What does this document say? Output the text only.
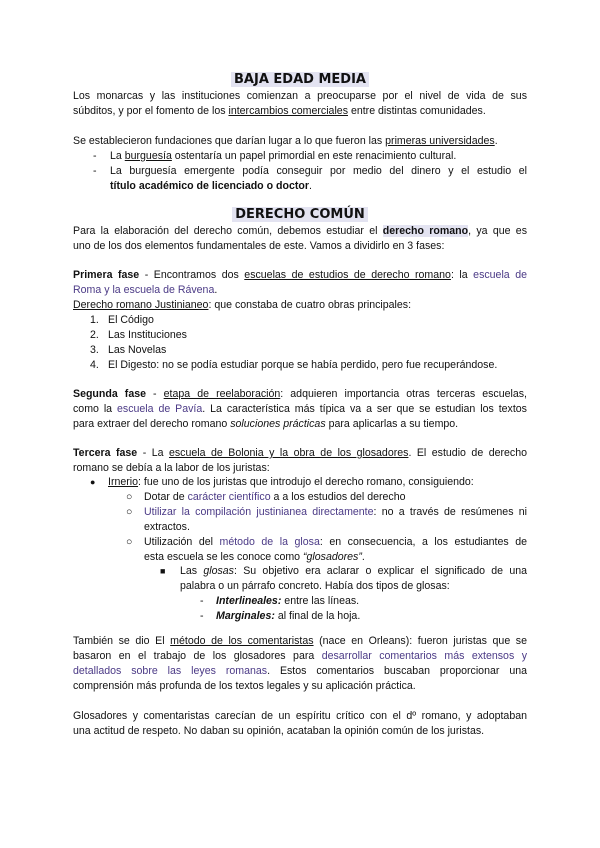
BAJA EDAD MEDIA
Los monarcas y las instituciones comienzan a preocuparse por el nivel de vida de sus
súbditos, y por el fomento de los intercambios comerciales entre distintas comunidades.
Se establecieron fundaciones que darían lugar a lo que fueron las primeras universidades.
- La burguesía ostentaría un papel primordial en este renacimiento cultural.
- La burguesía emergente podía conseguir por medio del dinero y el estudio el
título académico de licenciado o doctor.
DERECHO COMÚN
Para la elaboración del derecho común, debemos estudiar el derecho romano, ya que es
uno de los dos elementos fundamentales de este. Vamos a dividirlo en 3 fases:
Primera fase - Encontramos dos escuelas de estudios de derecho romano: la escuela de
Roma y la escuela de Rávena.
Derecho romano Justinianeo: que constaba de cuatro obras principales:
1. El Código
2. Las Instituciones
3. Las Novelas
4. El Digesto: no se podía estudiar porque se había perdido, pero fue recuperándose.
Segunda fase - etapa de reelaboración: adquieren importancia otras terceras escuelas,
como la escuela de Pavía. La característica más típica va a ser que se estudian los textos
para extraer del derecho romano soluciones prácticas para aplicarlas a su tiempo.
Tercera fase - La escuela de Bolonia y la obra de los glosadores. El estudio de derecho
romano se debía a la labor de los juristas:
● Irnerio: fue uno de los juristas que introdujo el derecho romano, consiguiendo:
○ Dotar de carácter científico a a los estudios del derecho
○ Utilizar la compilación justinianea directamente: no a través de resúmenes ni
extractos.
○ Utilización del método de la glosa: en consecuencia, a los estudiantes de
esta escuela se les conoce como “glosadores”.
■ Las glosas: Su objetivo era aclarar o explicar el significado de una
palabra o un párrafo concreto. Había dos tipos de glosas:
- Interlineales: entre las líneas.
- Marginales: al final de la hoja.
También se dio El método de los comentaristas (nace en Orleans): fueron juristas que se
basaron en el trabajo de los glosadores para desarrollar comentarios más extensos y
detallados sobre las leyes romanas. Estos comentarios buscaban proporcionar una
comprensión más profunda de los textos legales y su aplicación práctica.
Glosadores y comentaristas carecían de un espíritu crítico con el dº romano, y adoptaban
una actitud de respeto. No daban su opinión, acataban la opinión común de los juristas.
